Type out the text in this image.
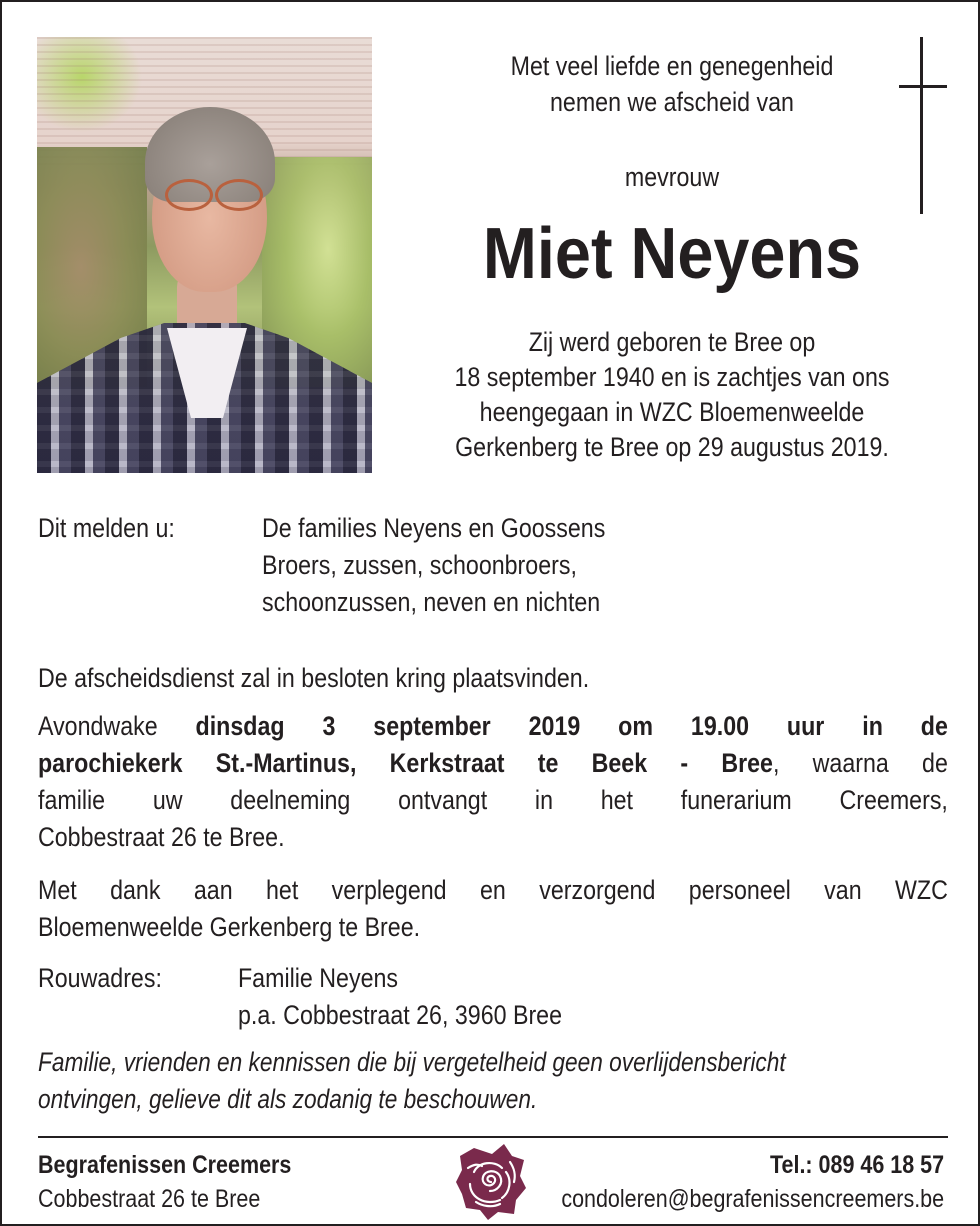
Met veel liefde en genegenheid
nemen we afscheid van
mevrouw
Miet Neyens
Zij werd geboren te Bree op
18 september 1940 en is zachtjes van ons
heengegaan in WZC Bloemenweelde
Gerkenberg te Bree op 29 augustus 2019.
Dit melden u:	De families Neyens en Goossens
Broers, zussen, schoonbroers,
schoonzussen, neven en nichten
De afscheidsdienst zal in besloten kring plaatsvinden.
Avondwake dinsdag 3 september 2019 om 19.00 uur in de
parochiekerk St.-Martinus, Kerkstraat te Beek - Bree, waarna de
familie uw deelneming ontvangt in het funerarium Creemers,
Cobbestraat 26 te Bree.
Met dank aan het verplegend en verzorgend personeel van WZC
Bloemenweelde Gerkenberg te Bree.
Rouwadres:	Familie Neyens
p.a. Cobbestraat 26, 3960 Bree
Familie, vrienden en kennissen die bij vergetelheid geen overlijdensbericht
ontvingen, gelieve dit als zodanig te beschouwen.
Begrafenissen Creemers
Cobbestraat 26 te Bree
Tel.: 089 46 18 57
condoleren@begrafenissencreemers.be
